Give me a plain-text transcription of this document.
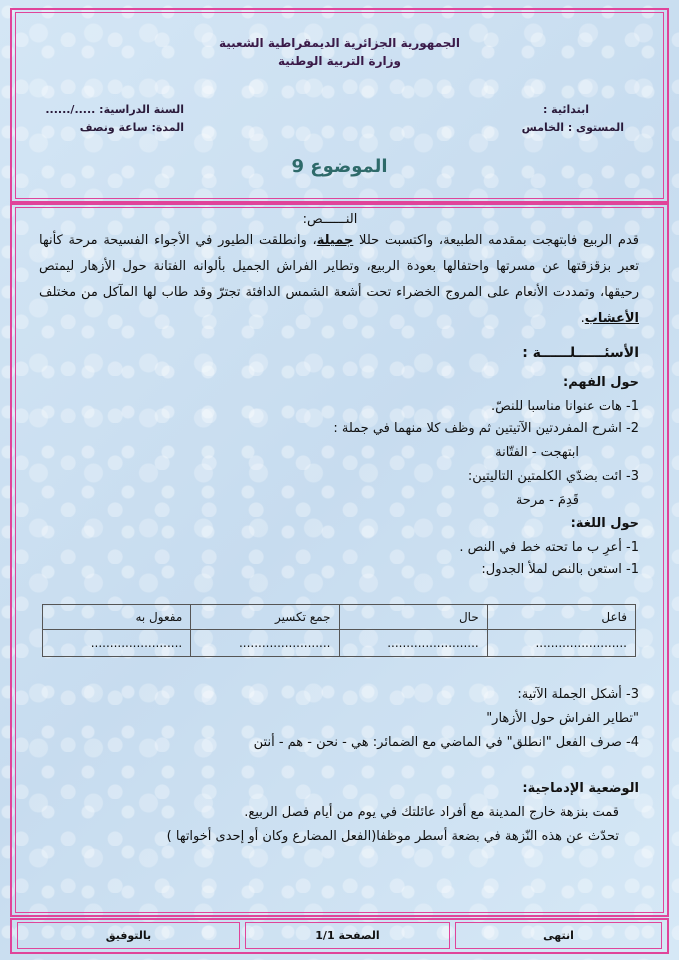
الجمهورية الجزائرية الديمقراطية الشعبية
وزارة التربية الوطنية
ابتدائية :
المستوى : الخامس
السنة الدراسية: ...../......
المدة: ساعة ونصف
الموضوع 9
النــــــص:
قدم الربيع فابتهجت بمقدمه الطبيعة، واكتسبت حللا جميلة، وانطلقت الطيور في الأجواء الفسيحة مرحة كأنها تعبر بزقزقتها عن مسرتها واحتفالها بعودة الربيع، وتطاير الفراش الجميل بألوانه الفتانة حول الأزهار ليمتص رحيقها، وتمددت الأنعام على المروج الخضراء تحت أشعة الشمس الدافئة تجترّ وقد طاب لها المآكل من مختلف الأعشاب.
الأسئــــــلــــــة :
حول الفهم:
1- هات عنوانا مناسبا للنصّ.
2- اشرح المفردتين الآتيتين ثم وظف كلا منهما في جملة :
ابتهجت - الفتّانة
3- ائت بضدّي الكلمتين التاليتين:
قَدِمَ - مرحة
حول اللغة:
1- أعرِ ب ما تحته خط في النص .
1- استعن بالنص لملأ الجدول:
فاعل	حال	جمع تكسير	مفعول به
........................	........................	........................	........................
3- أشكل الجملة الآتية:
"تطاير الفراش حول الأزهار"
4- صرف الفعل "انطلق" في الماضي مع الضمائر: هي - نحن - هم - أنتن
الوضعية الإدماجية:
قمت بنزهة خارج المدينة مع أفراد عائلتك في يوم من أيام فصل الربيع.
تحدّث عن هذه النّزهة في بضعة أسطر موظفا(الفعل المضارع وكان أو إحدى أخواتها )
انتهى
الصفحة 1/1
بالتوفيق
